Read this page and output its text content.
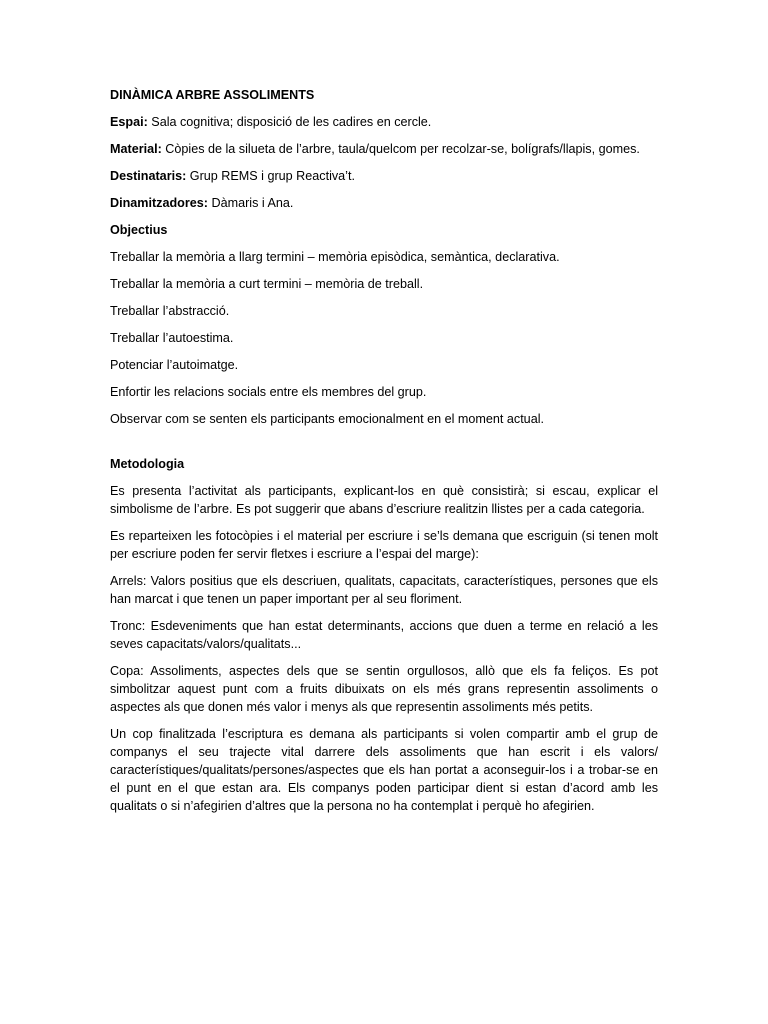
DINÀMICA ARBRE ASSOLIMENTS
Espai: Sala cognitiva; disposició de les cadires en cercle.
Material: Còpies de la silueta de l’arbre, taula/quelcom per recolzar-se, bolígrafs/llapis, gomes.
Destinataris: Grup REMS i grup Reactiva’t.
Dinamitzadores: Dàmaris i Ana.
Objectius
Treballar la memòria a llarg termini – memòria episòdica, semàntica, declarativa.
Treballar la memòria a curt termini – memòria de treball.
Treballar l’abstracció.
Treballar l’autoestima.
Potenciar l’autoimatge.
Enfortir les relacions socials entre els membres del grup.
Observar com se senten els participants emocionalment en el moment actual.
Metodologia
Es presenta l’activitat als participants, explicant-los en què consistirà; si escau, explicar el simbolisme de l’arbre. Es pot suggerir que abans d’escriure realitzin llistes per a cada categoria.
Es reparteixen les fotocòpies i el material per escriure i se’ls demana que escriguin (si tenen molt per escriure poden fer servir fletxes i escriure a l’espai del marge):
Arrels: Valors positius que els descriuen, qualitats, capacitats, característiques, persones que els han marcat i que tenen un paper important per al seu floriment.
Tronc: Esdeveniments que han estat determinants, accions que duen a terme en relació a les seves capacitats/valors/qualitats...
Copa: Assoliments, aspectes dels que se sentin orgullosos, allò que els fa feliços. Es pot simbolitzar aquest punt com a fruits dibuixats on els més grans representin assoliments o aspectes als que donen més valor i menys als que representin assoliments més petits.
Un cop finalitzada l’escriptura es demana als participants si volen compartir amb el grup de companys el seu trajecte vital darrere dels assoliments que han escrit i els valors/ característiques/qualitats/persones/aspectes que els han portat a aconseguir-los i a trobar-se en el punt en el que estan ara. Els companys poden participar dient si estan d’acord amb les qualitats o si n’afegirien d’altres que la persona no ha contemplat i perquè ho afegirien.
